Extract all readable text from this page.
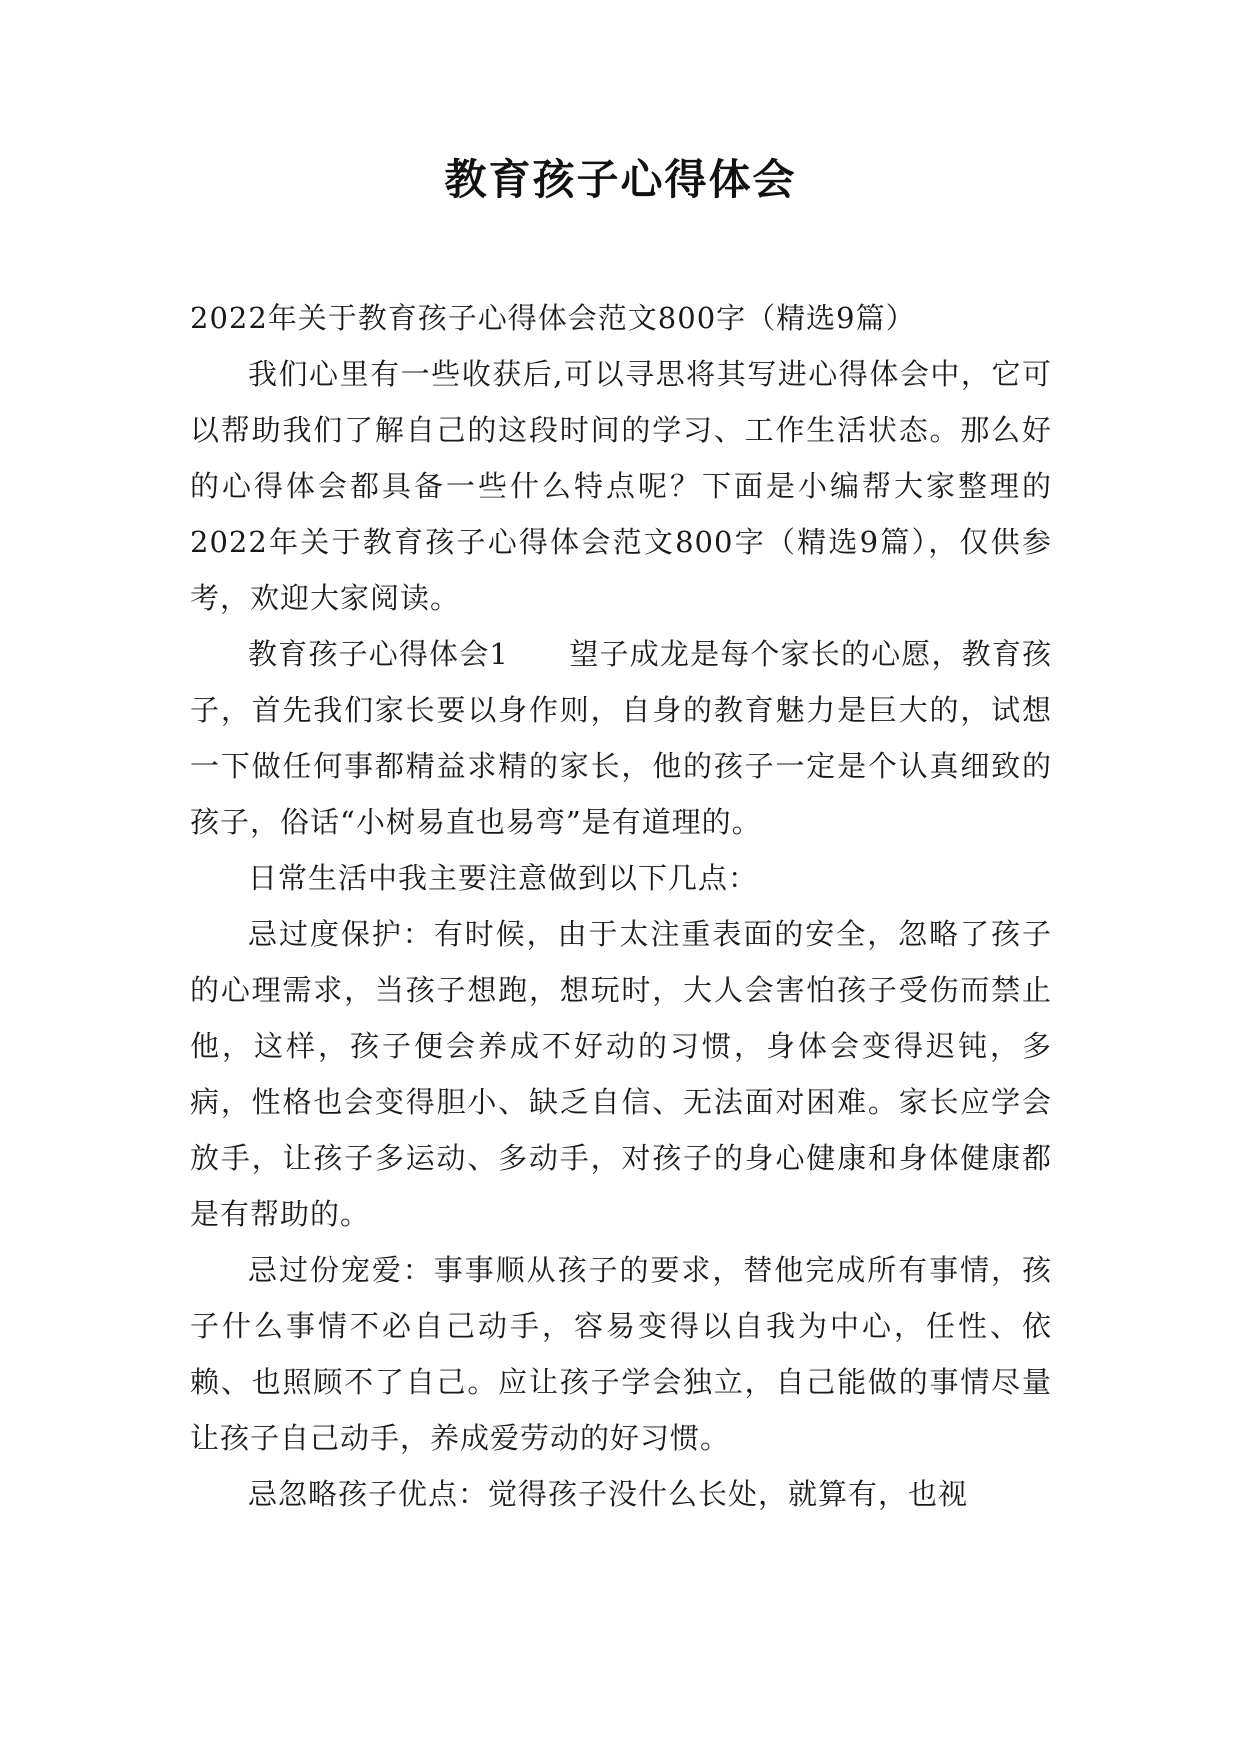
教育孩子心得体会

2022年关于教育孩子心得体会范文800字（精选9篇）

我们心里有一些收获后,可以寻思将其写进心得体会中，它可以帮助我们了解自己的这段时间的学习、工作生活状态。那么好的心得体会都具备一些什么特点呢？下面是小编帮大家整理的2022年关于教育孩子心得体会范文800字（精选9篇），仅供参考，欢迎大家阅读。

教育孩子心得体会1　　望子成龙是每个家长的心愿，教育孩子，首先我们家长要以身作则，自身的教育魅力是巨大的，试想一下做任何事都精益求精的家长，他的孩子一定是个认真细致的孩子，俗话“小树易直也易弯”是有道理的。

日常生活中我主要注意做到以下几点：

忌过度保护：有时候，由于太注重表面的安全，忽略了孩子的心理需求，当孩子想跑，想玩时，大人会害怕孩子受伤而禁止他，这样，孩子便会养成不好动的习惯，身体会变得迟钝，多病，性格也会变得胆小、缺乏自信、无法面对困难。家长应学会放手，让孩子多运动、多动手，对孩子的身心健康和身体健康都是有帮助的。

忌过份宠爱：事事顺从孩子的要求，替他完成所有事情，孩子什么事情不必自己动手，容易变得以自我为中心，任性、依赖、也照顾不了自己。应让孩子学会独立，自己能做的事情尽量让孩子自己动手，养成爱劳动的好习惯。

忌忽略孩子优点：觉得孩子没什么长处，就算有，也视
